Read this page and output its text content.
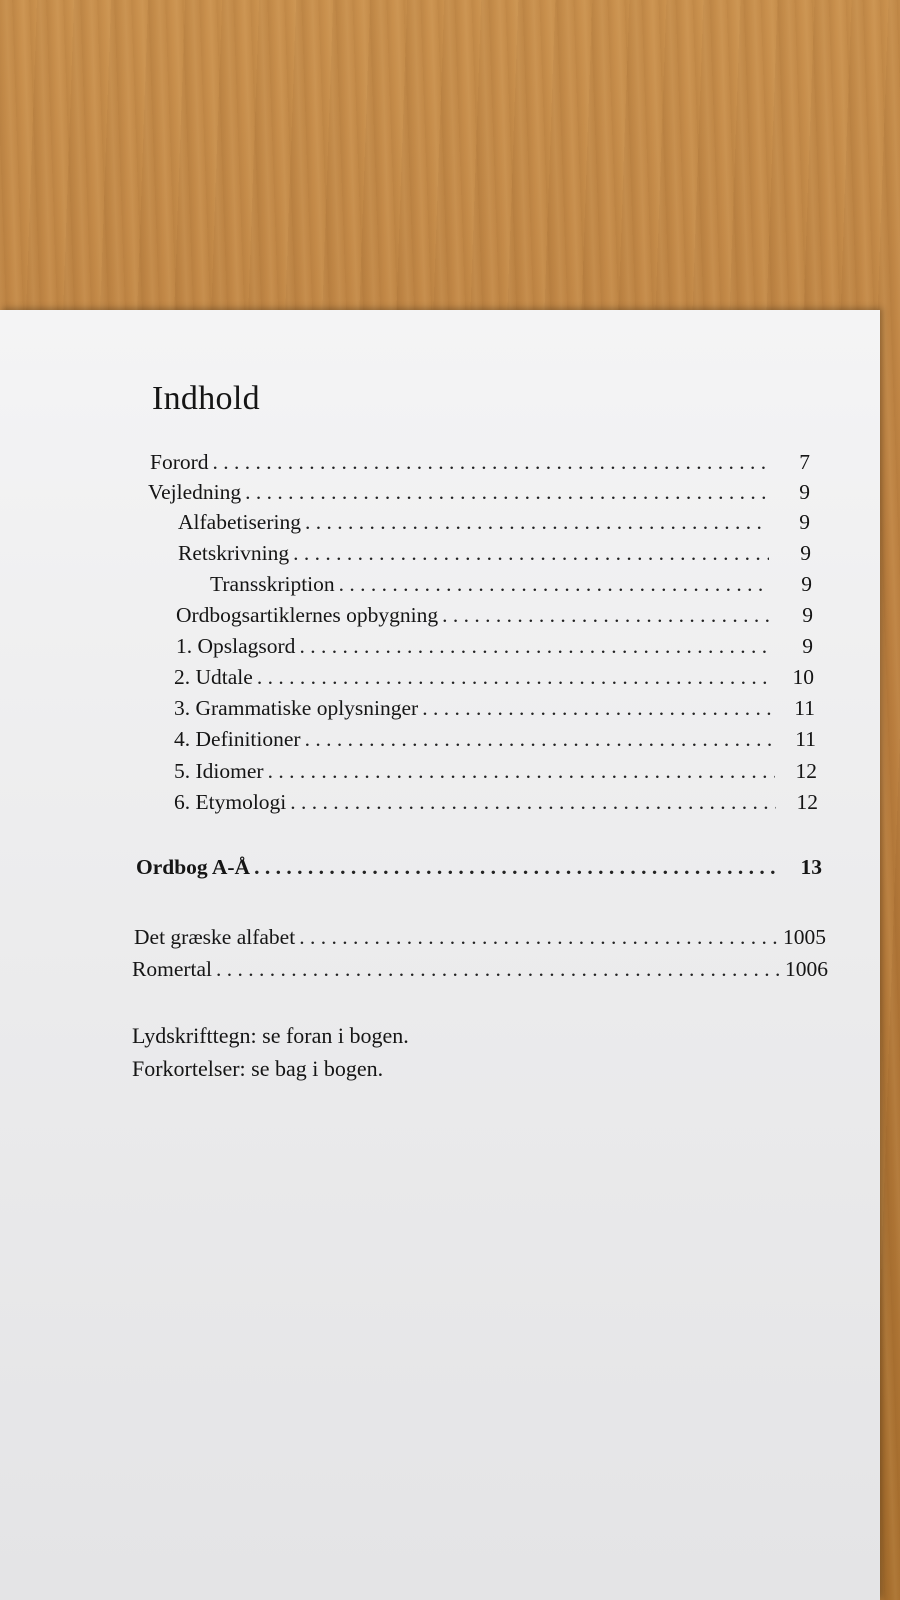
Indhold
Forord . . .	7
Vejledning . . .	9
Alfabetisering . . .	9
Retskrivning . . .	9
Transskription . . .	9
Ordbogsartiklernes opbygning . . .	9
1. Opslagsord . . .	9
2. Udtale . . .	10
3. Grammatiske oplysninger . . .	11
4. Definitioner . . .	11
5. Idiomer . . .	12
6. Etymologi . . .	12
Ordbog A-Å . . .	13
Det græske alfabet . . .	1005
Romertal . . .	1006

Lydskrifttegn: se foran i bogen.

Forkortelser: se bag i bogen.
